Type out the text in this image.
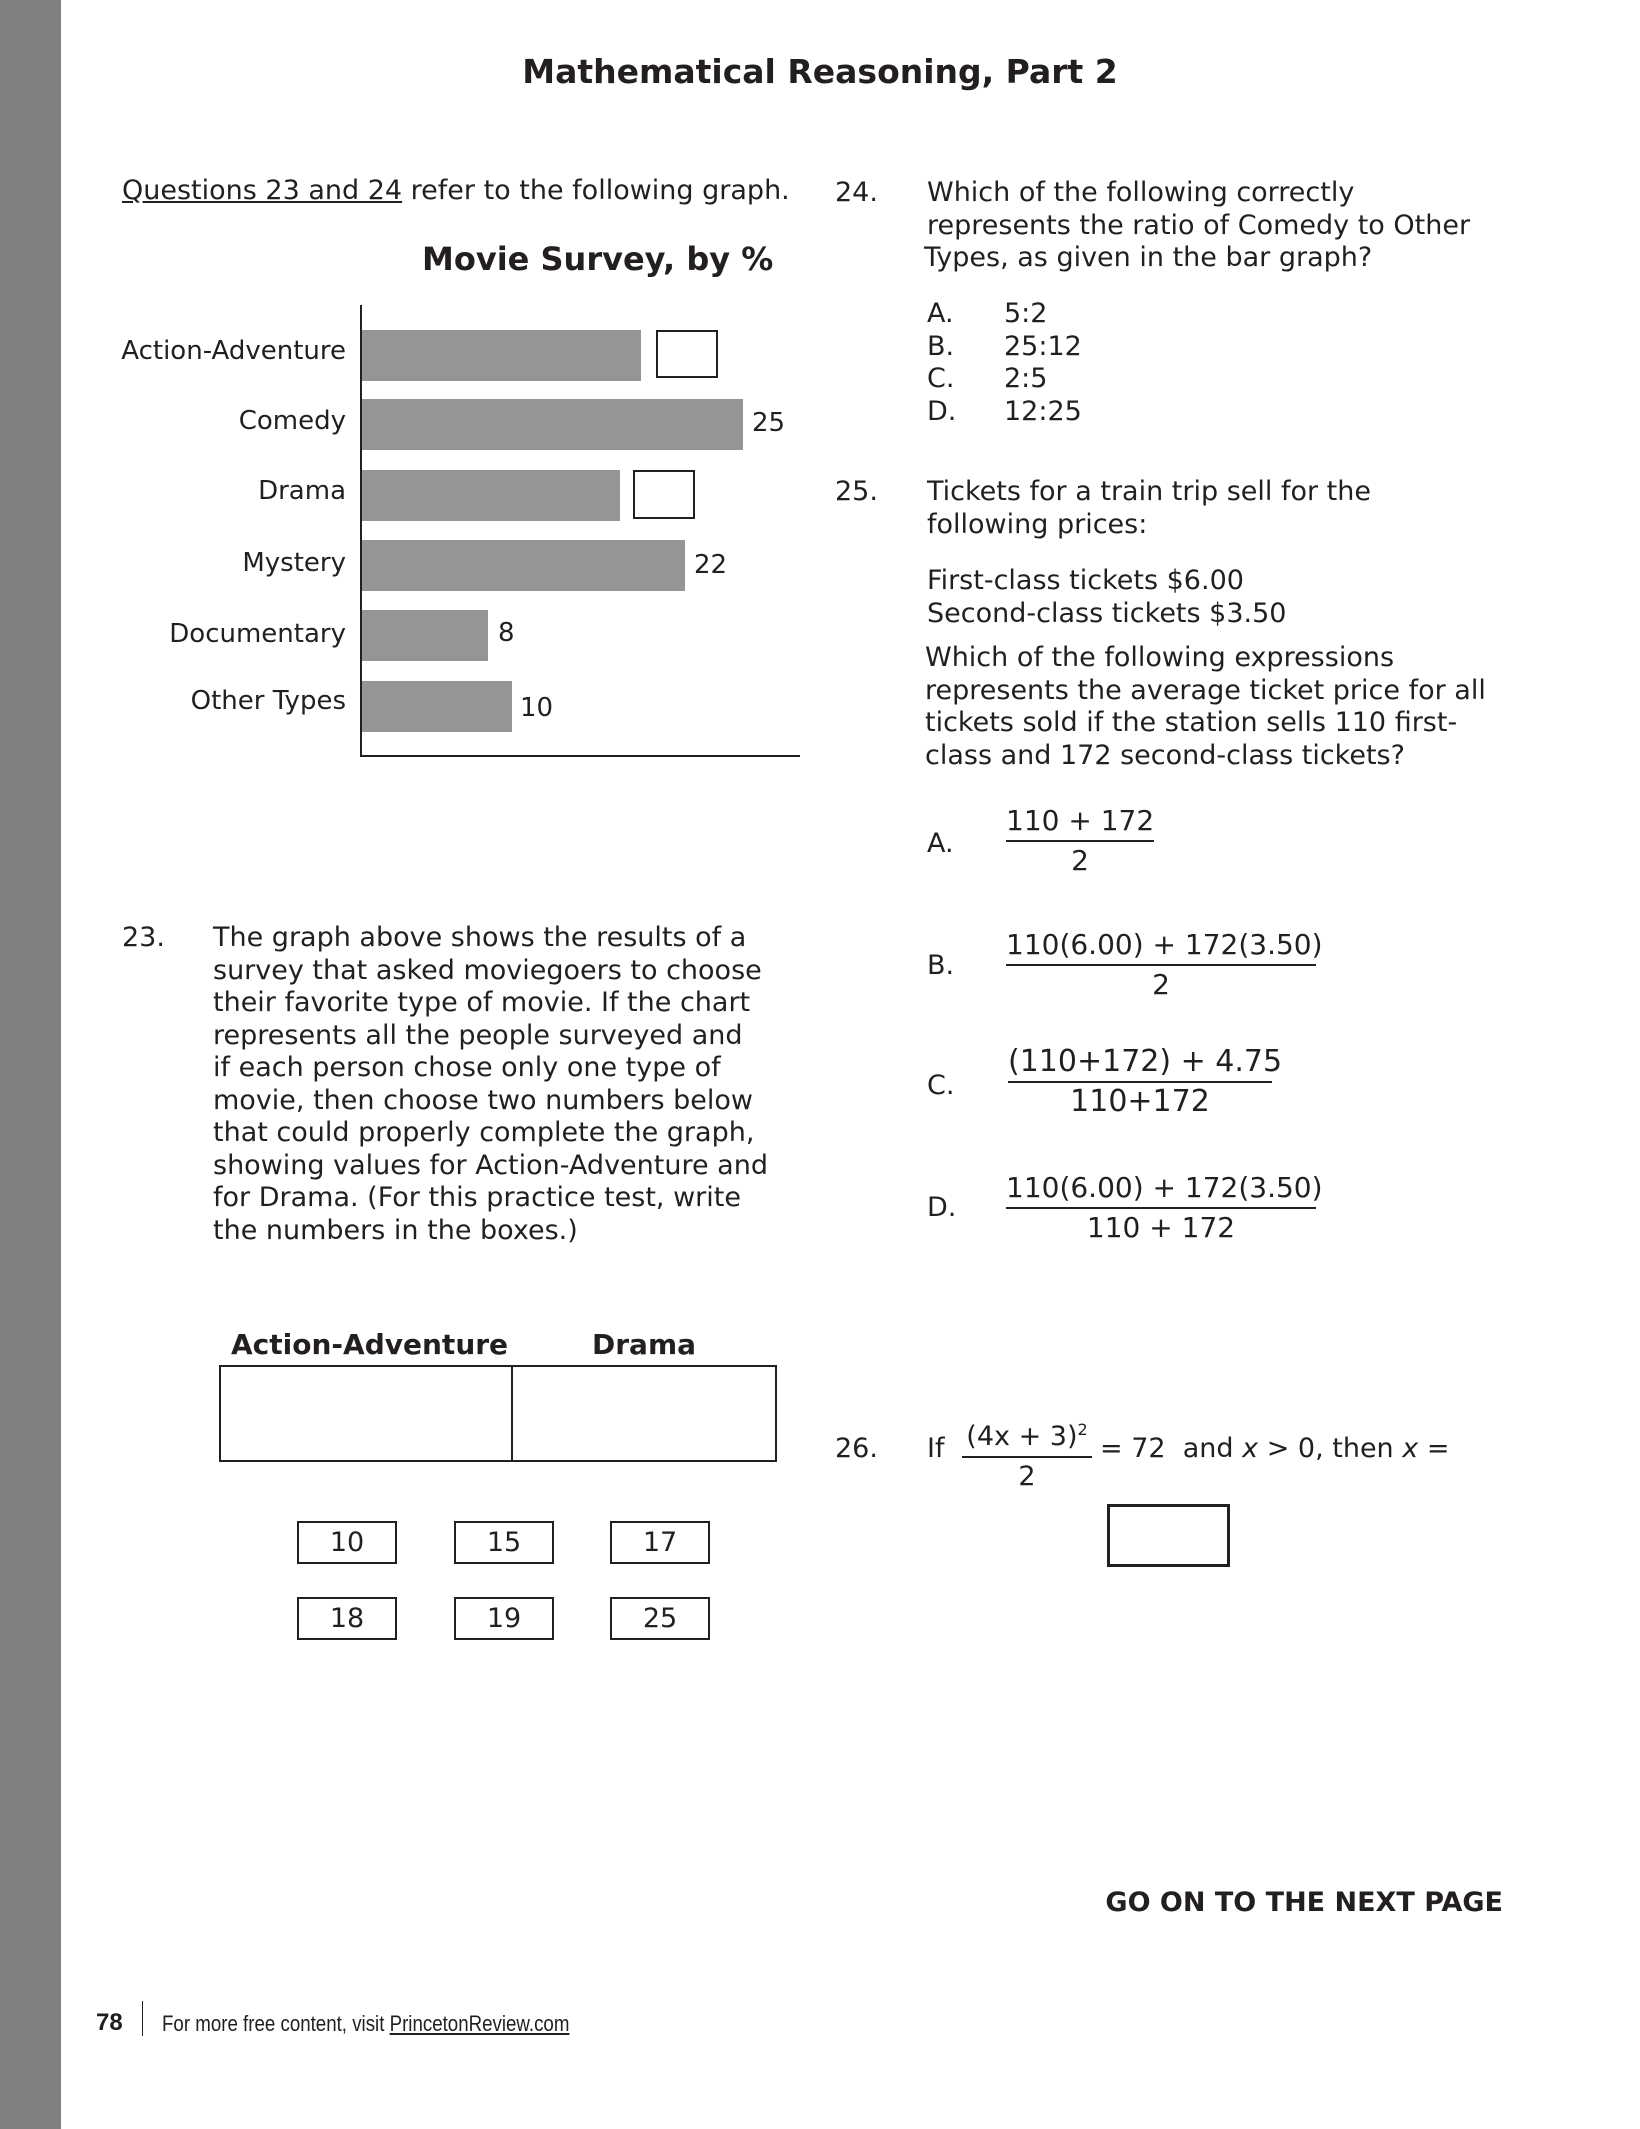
Mathematical Reasoning, Part 2
Questions 23 and 24 refer to the following graph.
Movie Survey, by %
Action-Adventure
Comedy	25
Drama
Mystery	22
Documentary	8
Other Types	10
23. The graph above shows the results of a
survey that asked moviegoers to choose
their favorite type of movie. If the chart
represents all the people surveyed and
if each person chose only one type of
movie, then choose two numbers below
that could properly complete the graph,
showing values for Action-Adventure and
for Drama. (For this practice test, write
the numbers in the boxes.)
Action-Adventure	Drama
10	15	17
18	19	25
24. Which of the following correctly
represents the ratio of Comedy to Other
Types, as given in the bar graph?
A. 5:2
B. 25:12
C. 2:5
D. 12:25
25. Tickets for a train trip sell for the
following prices:
First-class tickets $6.00
Second-class tickets $3.50
Which of the following expressions
represents the average ticket price for all
tickets sold if the station sells 110 first-
class and 172 second-class tickets?
A.
110 + 172
2
B.
110(6.00) + 172(3.50)
2
C.
(110+172) + 4.75
110+172
D.
110(6.00) + 172(3.50)
110 + 172
26. If $(4x + 3)^2$
2
= 72 and x > 0, then x =
GO ON TO THE NEXT PAGE
78 For more free content, visit PrincetonReview.com
